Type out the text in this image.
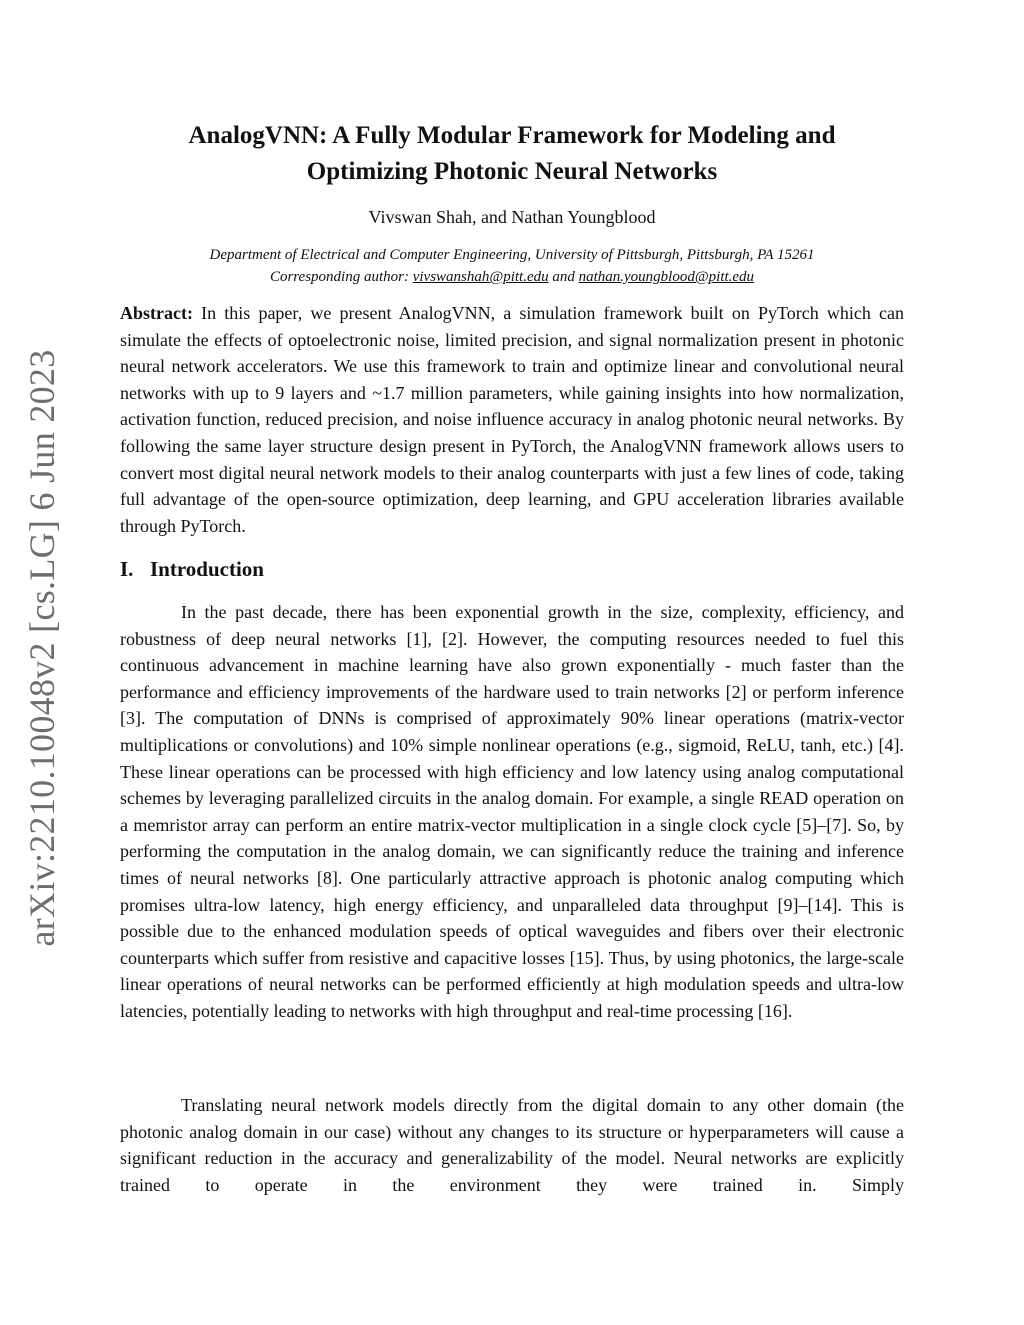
arXiv:2210.10048v2 [cs.LG] 6 Jun 2023
AnalogVNN: A Fully Modular Framework for Modeling and
Optimizing Photonic Neural Networks
Vivswan Shah, and Nathan Youngblood
Department of Electrical and Computer Engineering, University of Pittsburgh, Pittsburgh, PA 15261
Corresponding author: vivswanshah@pitt.edu and nathan.youngblood@pitt.edu

Abstract: In this paper, we present AnalogVNN, a simulation framework built on PyTorch which can simulate the effects of optoelectronic noise, limited precision, and signal normalization present in photonic neural network accelerators. We use this framework to train and optimize linear and convolutional neural networks with up to 9 layers and ~1.7 million parameters, while gaining insights into how normalization, activation function, reduced precision, and noise influence accuracy in analog photonic neural networks. By following the same layer structure design present in PyTorch, the AnalogVNN framework allows users to convert most digital neural network models to their analog counterparts with just a few lines of code, taking full advantage of the open-source optimization, deep learning, and GPU acceleration libraries available through PyTorch.

I. Introduction

In the past decade, there has been exponential growth in the size, complexity, efficiency, and robustness of deep neural networks [1], [2]. However, the computing resources needed to fuel this continuous advancement in machine learning have also grown exponentially - much faster than the performance and efficiency improvements of the hardware used to train networks [2] or perform inference [3]. The computation of DNNs is comprised of approximately 90% linear operations (matrix-vector multiplications or convolutions) and 10% simple nonlinear operations (e.g., sigmoid, ReLU, tanh, etc.) [4]. These linear operations can be processed with high efficiency and low latency using analog computational schemes by leveraging parallelized circuits in the analog domain. For example, a single READ operation on a memristor array can perform an entire matrix-vector multiplication in a single clock cycle [5]–[7]. So, by performing the computation in the analog domain, we can significantly reduce the training and inference times of neural networks [8]. One particularly attractive approach is photonic analog computing which promises ultra-low latency, high energy efficiency, and unparalleled data throughput [9]–[14]. This is possible due to the enhanced modulation speeds of optical waveguides and fibers over their electronic counterparts which suffer from resistive and capacitive losses [15]. Thus, by using photonics, the large-scale linear operations of neural networks can be performed efficiently at high modulation speeds and ultra-low latencies, potentially leading to networks with high throughput and real-time processing [16].

Translating neural network models directly from the digital domain to any other domain (the photonic analog domain in our case) without any changes to its structure or hyperparameters will cause a significant reduction in the accuracy and generalizability of the model. Neural networks are explicitly trained to operate in the environment they were trained in. Simply
